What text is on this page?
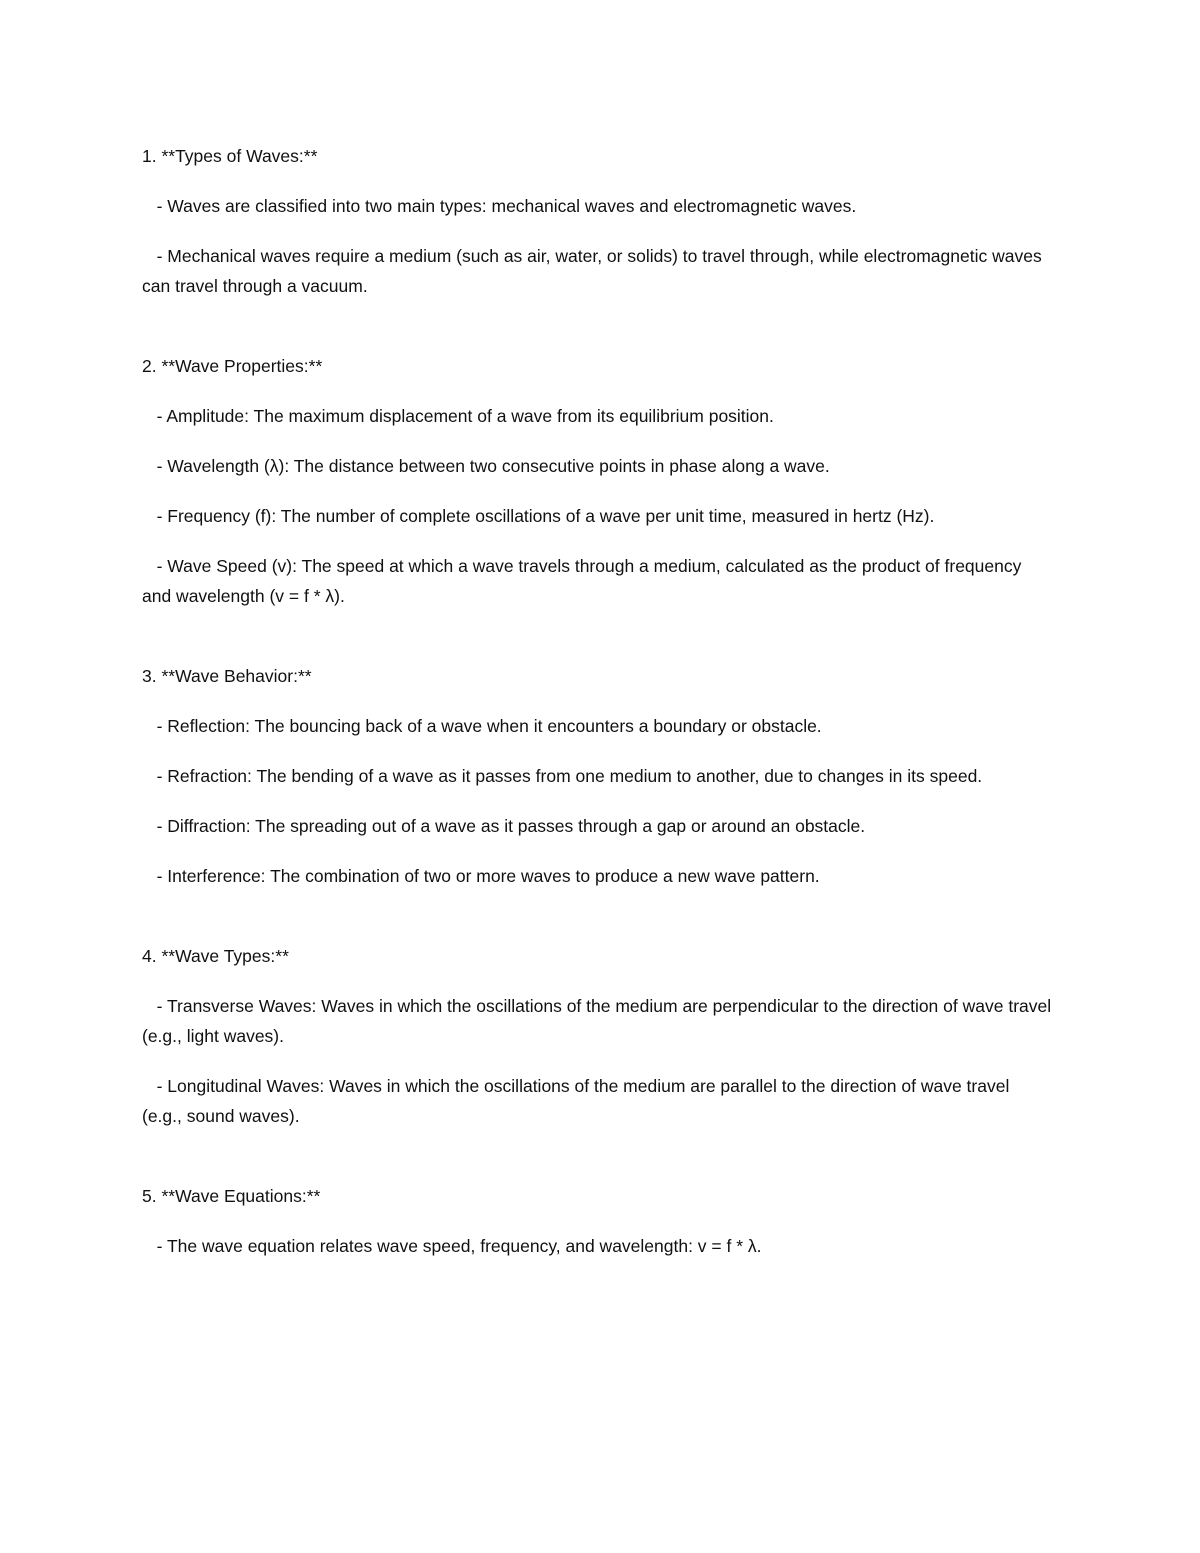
1. **Types of Waves:**

- Waves are classified into two main types: mechanical waves and electromagnetic waves.

- Mechanical waves require a medium (such as air, water, or solids) to travel through, while electromagnetic waves can travel through a vacuum.

2. **Wave Properties:**

- Amplitude: The maximum displacement of a wave from its equilibrium position.

- Wavelength (λ): The distance between two consecutive points in phase along a wave.

- Frequency (f): The number of complete oscillations of a wave per unit time, measured in hertz (Hz).

- Wave Speed (v): The speed at which a wave travels through a medium, calculated as the product of frequency and wavelength (v = f * λ).

3. **Wave Behavior:**

- Reflection: The bouncing back of a wave when it encounters a boundary or obstacle.

- Refraction: The bending of a wave as it passes from one medium to another, due to changes in its speed.

- Diffraction: The spreading out of a wave as it passes through a gap or around an obstacle.

- Interference: The combination of two or more waves to produce a new wave pattern.

4. **Wave Types:**

- Transverse Waves: Waves in which the oscillations of the medium are perpendicular to the direction of wave travel (e.g., light waves).

- Longitudinal Waves: Waves in which the oscillations of the medium are parallel to the direction of wave travel (e.g., sound waves).

5. **Wave Equations:**

- The wave equation relates wave speed, frequency, and wavelength: v = f * λ.
